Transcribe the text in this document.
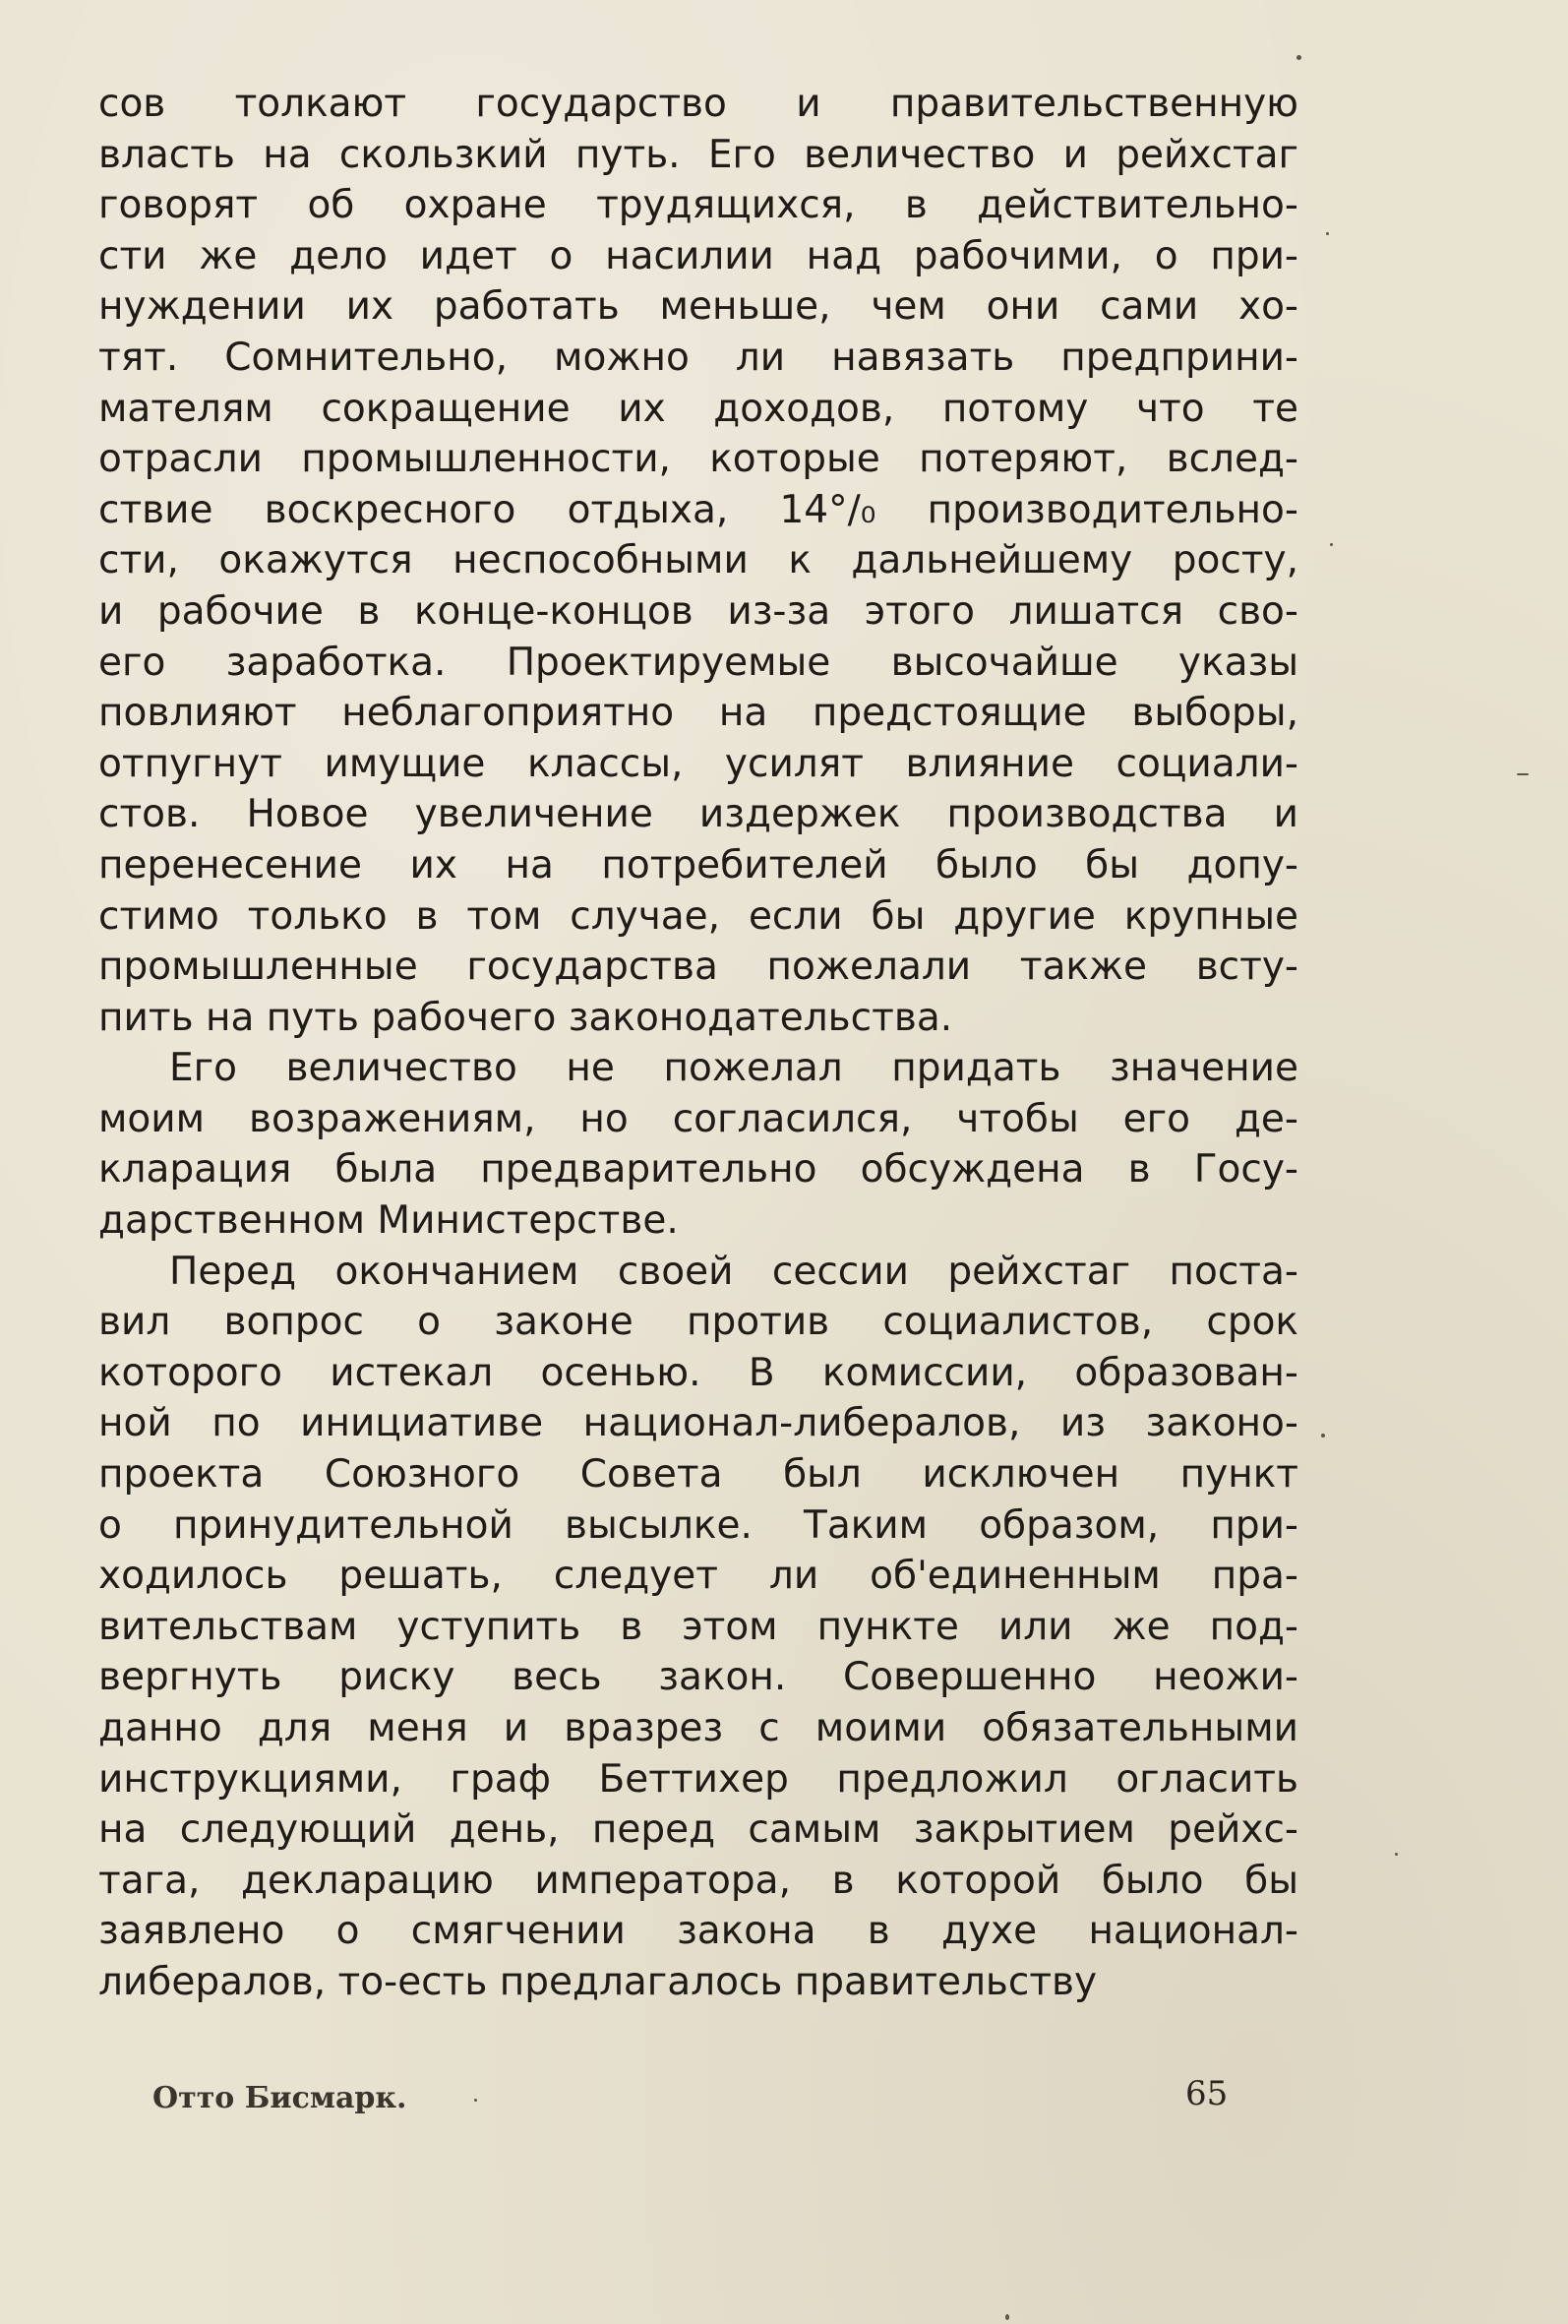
сов толкают государство и правительственную
власть на скользкий путь. Его величество и рейхстаг
говорят об охране трудящихся, в действительно-
сти же дело идет о насилии над рабочими, о при-
нуждении их работать меньше, чем они сами хо-
тят. Сомнительно, можно ли навязать предприни-
мателям сокращение их доходов, потому что те
отрасли промышленности, которые потеряют, вслед-
ствие воскресного отдыха, 14°/₀ производительно-
сти, окажутся неспособными к дальнейшему росту,
и рабочие в конце-концов из-за этого лишатся сво-
его заработка. Проектируемые высочайше указы
повлияют неблагоприятно на предстоящие выборы,
отпугнут имущие классы, усилят влияние социали-
стов. Новое увеличение издержек производства и
перенесение их на потребителей было бы допу-
стимо только в том случае, если бы другие крупные
промышленные государства пожелали также всту-
пить на путь рабочего законодательства.
Его величество не пожелал придать значение
моим возражениям, но согласился, чтобы его де-
кларация была предварительно обсуждена в Госу-
дарственном Министерстве.
Перед окончанием своей сессии рейхстаг поста-
вил вопрос о законе против социалистов, срок
которого истекал осенью. В комиссии, образован-
ной по инициативе национал-либералов, из законо-
проекта Союзного Совета был исключен пункт
о принудительной высылке. Таким образом, при-
ходилось решать, следует ли об'единенным пра-
вительствам уступить в этом пункте или же под-
вергнуть риску весь закон. Совершенно неожи-
данно для меня и вразрез с моими обязательными
инструкциями, граф Беттихер предложил огласить
на следующий день, перед самым закрытием рейхс-
тага, декларацию императора, в которой было бы
заявлено о смягчении закона в духе национал-
либералов, то-есть предлагалось правительству
Отто Бисмарк.	65
